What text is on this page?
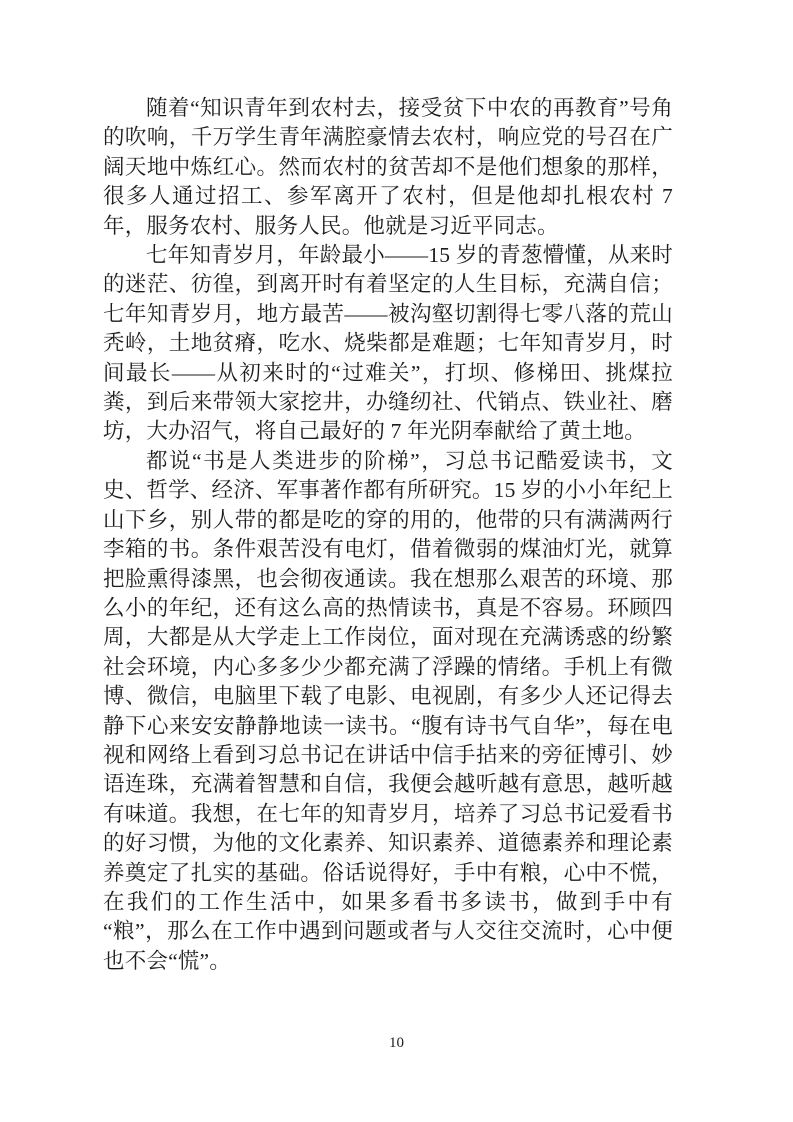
随着“知识青年到农村去，接受贫下中农的再教育”号角的吹响，千万学生青年满腔豪情去农村，响应党的号召在广阔天地中炼红心。然而农村的贫苦却不是他们想象的那样，很多人通过招工、参军离开了农村，但是他却扎根农村 7 年，服务农村、服务人民。他就是习近平同志。

七年知青岁月，年龄最小——15 岁的青葱懵懂，从来时的迷茫、彷徨，到离开时有着坚定的人生目标，充满自信；七年知青岁月，地方最苦——被沟壑切割得七零八落的荒山秃岭，土地贫瘠，吃水、烧柴都是难题；七年知青岁月，时间最长——从初来时的“过难关”，打坝、修梯田、挑煤拉粪，到后来带领大家挖井，办缝纫社、代销点、铁业社、磨坊，大办沼气，将自己最好的 7 年光阴奉献给了黄土地。

都说“书是人类进步的阶梯”，习总书记酷爱读书，文史、哲学、经济、军事著作都有所研究。15 岁的小小年纪上山下乡，别人带的都是吃的穿的用的，他带的只有满满两行李箱的书。条件艰苦没有电灯，借着微弱的煤油灯光，就算把脸熏得漆黑，也会彻夜通读。我在想那么艰苦的环境、那么小的年纪，还有这么高的热情读书，真是不容易。环顾四周，大都是从大学走上工作岗位，面对现在充满诱惑的纷繁社会环境，内心多多少少都充满了浮躁的情绪。手机上有微博、微信，电脑里下载了电影、电视剧，有多少人还记得去静下心来安安静静地读一读书。“腹有诗书气自华”，每在电视和网络上看到习总书记在讲话中信手拈来的旁征博引、妙语连珠，充满着智慧和自信，我便会越听越有意思，越听越有味道。我想，在七年的知青岁月，培养了习总书记爱看书的好习惯，为他的文化素养、知识素养、道德素养和理论素养奠定了扎实的基础。俗话说得好，手中有粮，心中不慌，在我们的工作生活中，如果多看书多读书，做到手中有“粮”，那么在工作中遇到问题或者与人交往交流时，心中便也不会“慌”。

10
